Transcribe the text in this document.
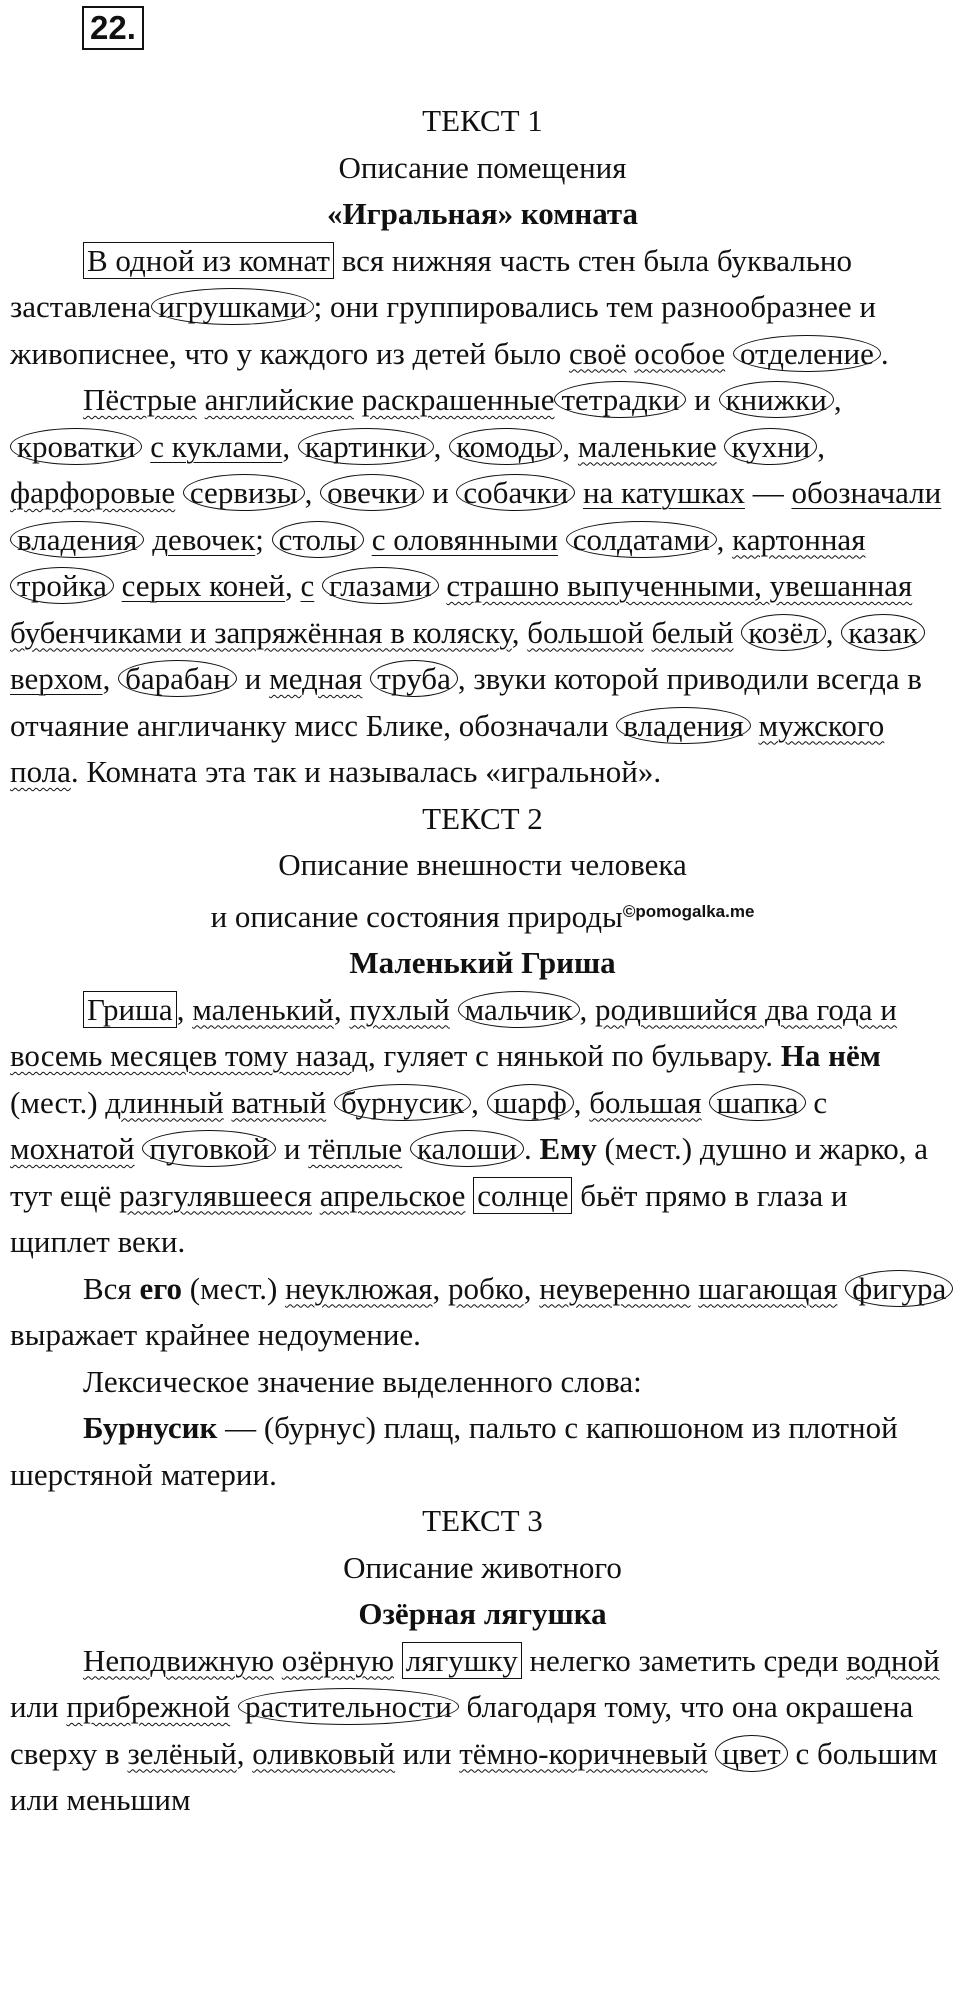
22.

ТЕКСТ 1

Описание помещения

«Игральная» комната

В одной из комнат вся нижняя часть стен была буквально заставлена игрушками ; они группировались тем разнообразнее и живописнее, что у каждого из детей было своё особое отделение .

Пёстрые английские раскрашенные тетрадки и книжки , кроватки с куклами, картинки , комоды , маленькие кухни , фарфоровые сервизы , овечки и собачки на катушках — обозначали владения девочек; столы с оловянными солдатами , картонная тройка серых коней, с глазами страшно выпученными, увешанная бубенчиками и запряжённая в коляску, большой белый козёл , казак верхом, барабан и медная труба , звуки которой приводили всегда в отчаяние англичанку мисс Блике, обозначали владения мужского пола. Комната эта так и называлась «игральной».

ТЕКСТ 2

Описание внешности человека

и описание состояния природы$^{©pomogalka.me}$

Маленький Гриша

Гриша , маленький, пухлый мальчик , родившийся два года и восемь месяцев тому назад, гуляет с нянькой по бульвару. На нём (мест.) длинный ватный бурнусик , шарф , большая шапка с мохнатой пуговкой и тёплые калоши . Ему (мест.) душно и жарко, а тут ещё разгулявшееся апрельское солнце бьёт прямо в глаза и щиплет веки.

Вся его (мест.) неуклюжая, робко, неуверенно шагающая фигура выражает крайнее недоумение.

Лексическое значение выделенного слова:

Бурнусик — (бурнус) плащ, пальто с капюшоном из плотной шерстяной материи.

ТЕКСТ 3

Описание животного

Озёрная лягушка

Неподвижную озёрную лягушку нелегко заметить среди водной или прибрежной растительности благодаря тому, что она окрашена сверху в зелёный, оливковый или тёмно-коричневый цвет с большим или меньшим
